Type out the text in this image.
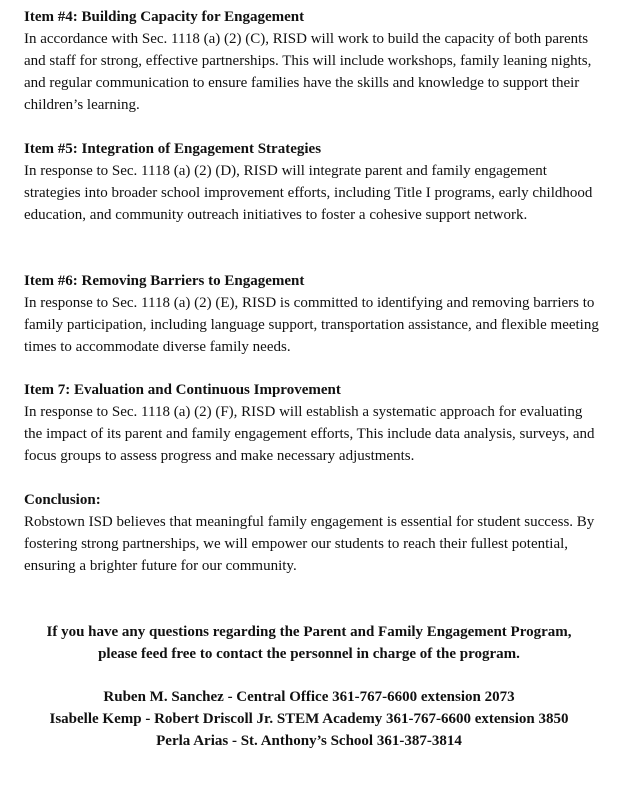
Item #4: Building Capacity for Engagement

In accordance with Sec. 1118 (a) (2) (C), RISD will work to build the capacity of both parents and staff for strong, effective partnerships. This will include workshops, family leaning nights, and regular communication to ensure families have the skills and knowledge to support their children’s learning.

Item #5: Integration of Engagement Strategies

In response to Sec. 1118 (a) (2) (D), RISD will integrate parent and family engagement strategies into broader school improvement efforts, including Title I programs, early childhood education, and community outreach initiatives to foster a cohesive support network.

Item #6: Removing Barriers to Engagement

In response to Sec. 1118 (a) (2) (E), RISD is committed to identifying and removing barriers to family participation, including language support, transportation assistance, and flexible meeting times to accommodate diverse family needs.

Item 7: Evaluation and Continuous Improvement

In response to Sec. 1118 (a) (2) (F), RISD will establish a systematic approach for evaluating the impact of its parent and family engagement efforts, This include data analysis, surveys, and focus groups to assess progress and make necessary adjustments.

Conclusion:

Robstown ISD believes that meaningful family engagement is essential for student success. By fostering strong partnerships, we will empower our students to reach their fullest potential, ensuring a brighter future for our community.

If you have any questions regarding the Parent and Family Engagement Program,

please feed free to contact the personnel in charge of the program.

Ruben M. Sanchez - Central Office 361-767-6600 extension 2073

Isabelle Kemp - Robert Driscoll Jr. STEM Academy 361-767-6600 extension 3850

Perla Arias - St. Anthony’s School 361-387-3814
